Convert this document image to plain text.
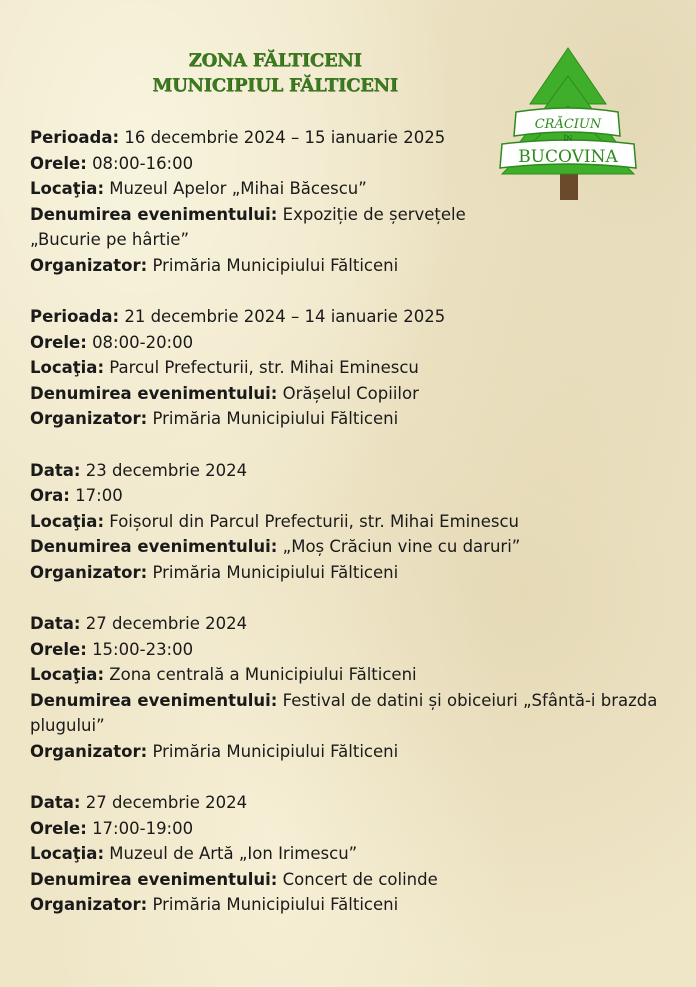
ZONA FĂLTICENI
MUNICIPIUL FĂLTICENI
CRĂCIUN
ÎN
BUCOVINA
Perioada: 16 decembrie 2024 – 15 ianuarie 2025
Orele: 08:00-16:00
Locaţia: Muzeul Apelor „Mihai Băcescu”
Denumirea evenimentului: Expoziție de șervețele
„Bucurie pe hârtie”
Organizator: Primăria Municipiului Fălticeni
Perioada: 21 decembrie 2024 – 14 ianuarie 2025
Orele: 08:00-20:00
Locaţia: Parcul Prefecturii, str. Mihai Eminescu
Denumirea evenimentului: Orășelul Copiilor
Organizator: Primăria Municipiului Fălticeni
Data: 23 decembrie 2024
Ora: 17:00
Locaţia: Foișorul din Parcul Prefecturii, str. Mihai Eminescu
Denumirea evenimentului: „Moș Crăciun vine cu daruri”
Organizator: Primăria Municipiului Fălticeni
Data: 27 decembrie 2024
Orele: 15:00-23:00
Locaţia: Zona centrală a Municipiului Fălticeni
Denumirea evenimentului: Festival de datini și obiceiuri „Sfântă-i brazda plugului”
Organizator: Primăria Municipiului Fălticeni
Data: 27 decembrie 2024
Orele: 17:00-19:00
Locaţia: Muzeul de Artă „Ion Irimescu”
Denumirea evenimentului: Concert de colinde
Organizator: Primăria Municipiului Fălticeni
